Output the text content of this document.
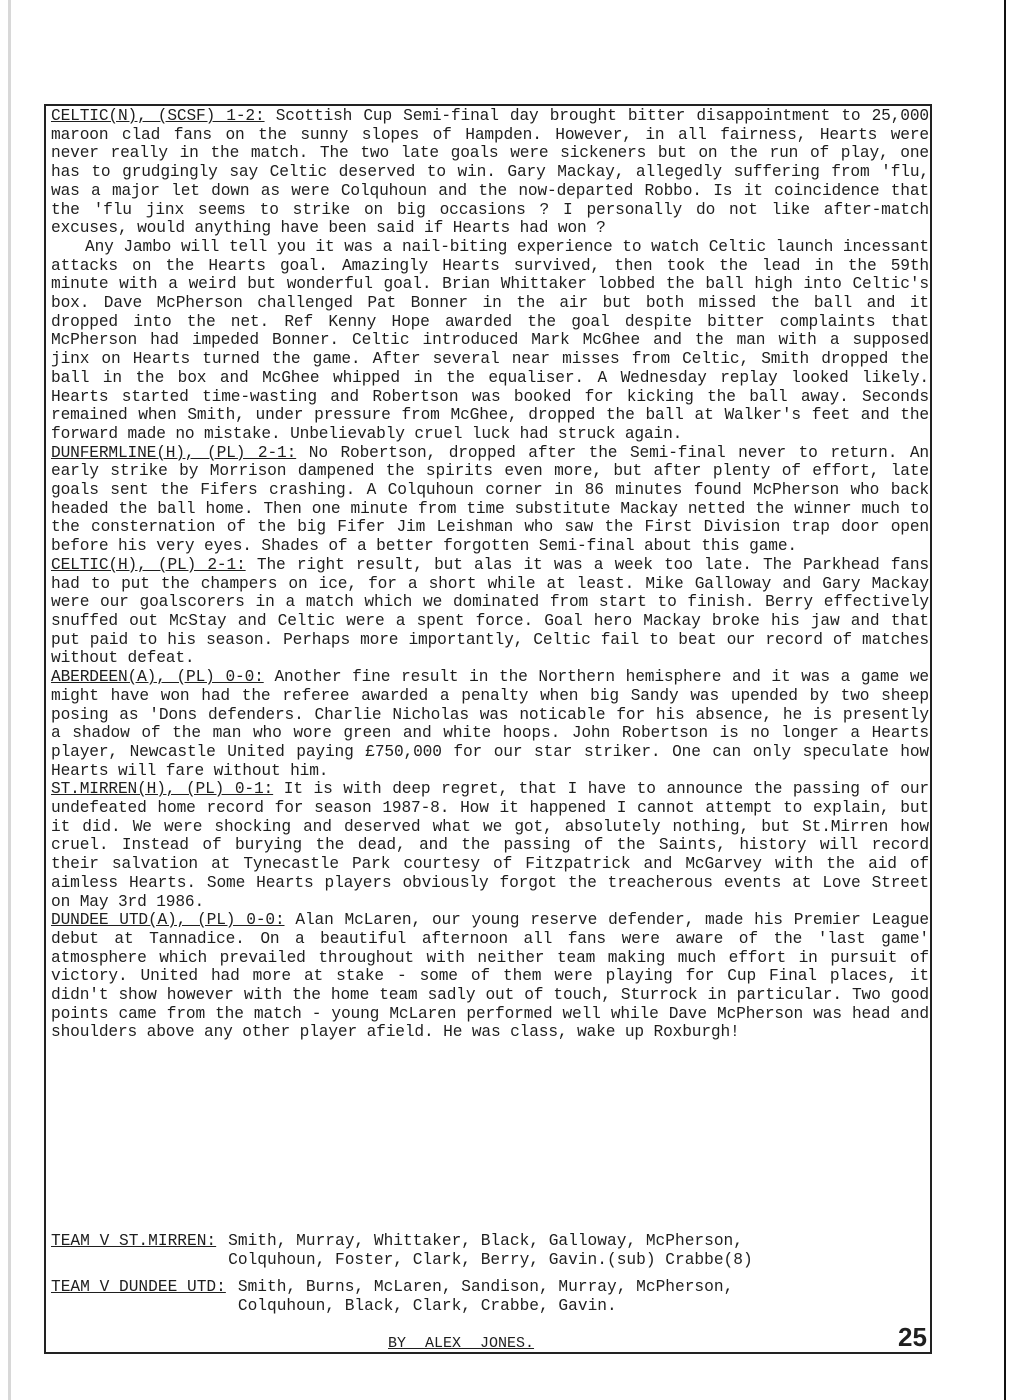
CELTIC(N), (SCSF) 1-2: Scottish Cup Semi-final day brought bitter disappointment to 25,000 maroon clad fans on the sunny slopes of Hampden. However, in all fairness, Hearts were never really in the match. The two late goals were sickeners but on the run of play, one has to grudgingly say Celtic deserved to win. Gary Mackay, allegedly suffering from 'flu, was a major let down as were Colquhoun and the now-departed Robbo. Is it coincidence that the 'flu jinx seems to strike on big occasions ? I personally do not like after-match excuses, would anything have been said if Hearts had won ?

Any Jambo will tell you it was a nail-biting experience to watch Celtic launch incessant attacks on the Hearts goal. Amazingly Hearts survived, then took the lead in the 59th minute with a weird but wonderful goal. Brian Whittaker lobbed the ball high into Celtic's box. Dave McPherson challenged Pat Bonner in the air but both missed the ball and it dropped into the net. Ref Kenny Hope awarded the goal despite bitter complaints that McPherson had impeded Bonner. Celtic introduced Mark McGhee and the man with a supposed jinx on Hearts turned the game. After several near misses from Celtic, Smith dropped the ball in the box and McGhee whipped in the equaliser. A Wednesday replay looked likely. Hearts started time-wasting and Robertson was booked for kicking the ball away. Seconds remained when Smith, under pressure from McGhee, dropped the ball at Walker's feet and the forward made no mistake. Unbelievably cruel luck had struck again.

DUNFERMLINE(H), (PL) 2-1: No Robertson, dropped after the Semi-final never to return. An early strike by Morrison dampened the spirits even more, but after plenty of effort, late goals sent the Fifers crashing. A Colquhoun corner in 86 minutes found McPherson who back headed the ball home. Then one minute from time substitute Mackay netted the winner much to the consternation of the big Fifer Jim Leishman who saw the First Division trap door open before his very eyes. Shades of a better forgotten Semi-final about this game.

CELTIC(H), (PL) 2-1: The right result, but alas it was a week too late. The Parkhead fans had to put the champers on ice, for a short while at least. Mike Galloway and Gary Mackay were our goalscorers in a match which we dominated from start to finish. Berry effectively snuffed out McStay and Celtic were a spent force. Goal hero Mackay broke his jaw and that put paid to his season. Perhaps more importantly, Celtic fail to beat our record of matches without defeat.

ABERDEEN(A), (PL) 0-0: Another fine result in the Northern hemisphere and it was a game we might have won had the referee awarded a penalty when big Sandy was upended by two sheep posing as 'Dons defenders. Charlie Nicholas was noticable for his absence, he is presently a shadow of the man who wore green and white hoops. John Robertson is no longer a Hearts player, Newcastle United paying £750,000 for our star striker. One can only speculate how Hearts will fare without him.

ST.MIRREN(H), (PL) 0-1: It is with deep regret, that I have to announce the passing of our undefeated home record for season 1987-8. How it happened I cannot attempt to explain, but it did. We were shocking and deserved what we got, absolutely nothing, but St.Mirren how cruel. Instead of burying the dead, and the passing of the Saints, history will record their salvation at Tynecastle Park courtesy of Fitzpatrick and McGarvey with the aid of aimless Hearts. Some Hearts players obviously forgot the treacherous events at Love Street on May 3rd 1986.

DUNDEE UTD(A), (PL) 0-0: Alan McLaren, our young reserve defender, made his Premier League debut at Tannadice. On a beautiful afternoon all fans were aware of the 'last game' atmosphere which prevailed throughout with neither team making much effort in pursuit of victory. United had more at stake - some of them were playing for Cup Final places, it didn't show however with the home team sadly out of touch, Sturrock in particular. Two good points came from the match - young McLaren performed well while Dave McPherson was head and shoulders above any other player afield. He was class, wake up Roxburgh!

TEAM V ST.MIRREN: Smith, Murray, Whittaker, Black, Galloway, McPherson,
Colquhoun, Foster, Clark, Berry, Gavin.(sub) Crabbe(8)
TEAM V DUNDEE UTD: Smith, Burns, McLaren, Sandison, Murray, McPherson,
Colquhoun, Black, Clark, Crabbe, Gavin.
BY ALEX JONES.	25
